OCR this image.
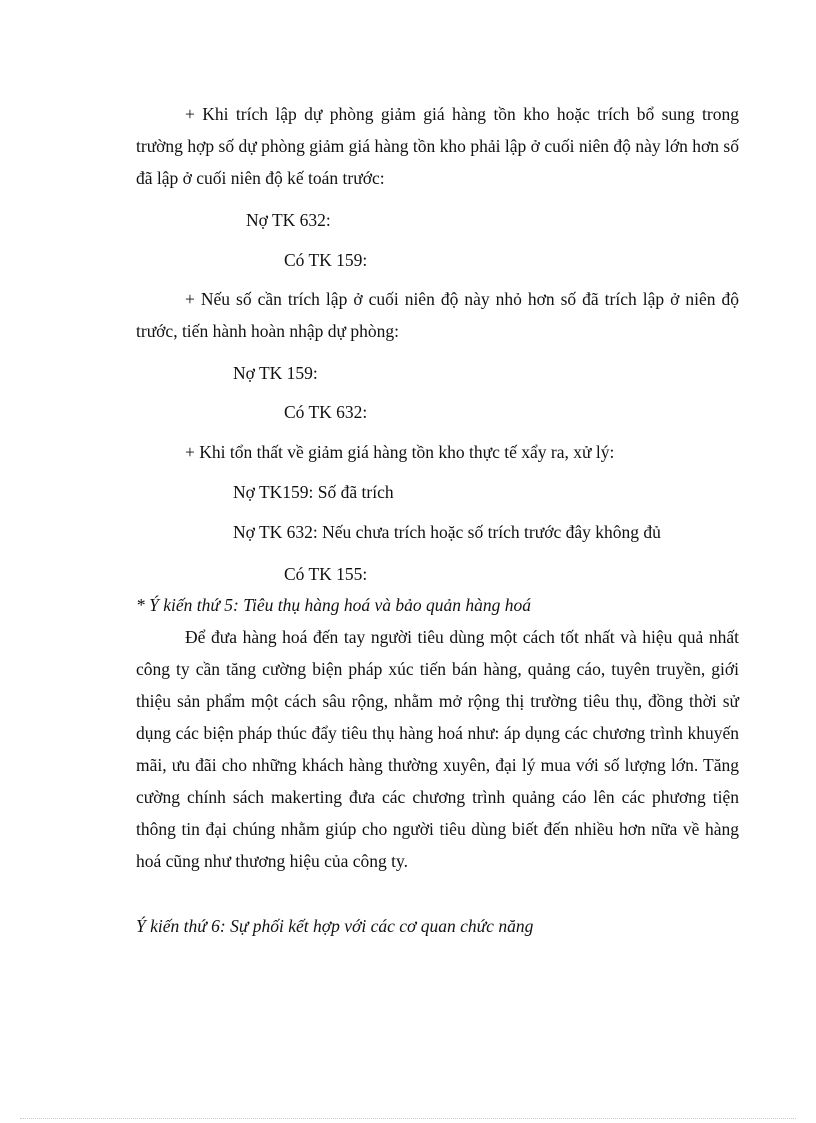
+ Khi trích lập dự phòng giảm giá hàng tồn kho hoặc trích bổ sung trong trường hợp số dự phòng giảm giá hàng tồn kho phải lập ở cuối niên độ này lớn hơn số đã lập ở cuối niên độ kế toán trước:

Nợ TK 632:
Có TK 159:

+ Nếu số cần trích lập ở cuối niên độ này nhỏ hơn số đã trích lập ở niên độ trước, tiến hành hoàn nhập dự phòng:

Nợ TK 159:
Có TK 632:
+ Khi tổn thất về giảm giá hàng tồn kho thực tế xẩy ra, xử lý:
Nợ TK159: Số đã trích
Nợ TK 632: Nếu chưa trích hoặc số trích trước đây không đủ
Có TK 155:
* Ý kiến thứ 5: Tiêu thụ hàng hoá và bảo quản hàng hoá

Để đưa hàng hoá đến tay người tiêu dùng một cách tốt nhất và hiệu quả nhất công ty cần tăng cường biện pháp xúc tiến bán hàng, quảng cáo, tuyên truyền, giới thiệu sản phẩm một cách sâu rộng, nhằm mở rộng thị trường tiêu thụ, đồng thời sử dụng các biện pháp thúc đẩy tiêu thụ hàng hoá như: áp dụng các chương trình khuyến mãi, ưu đãi cho những khách hàng thường xuyên, đại lý mua với số lượng lớn. Tăng cường chính sách makerting đưa các chương trình quảng cáo lên các phương tiện thông tin đại chúng nhằm giúp cho người tiêu dùng biết đến nhiều hơn nữa về hàng hoá cũng như thương hiệu của công ty.

Ý kiến thứ 6: Sự phối kết hợp với các cơ quan chức năng
